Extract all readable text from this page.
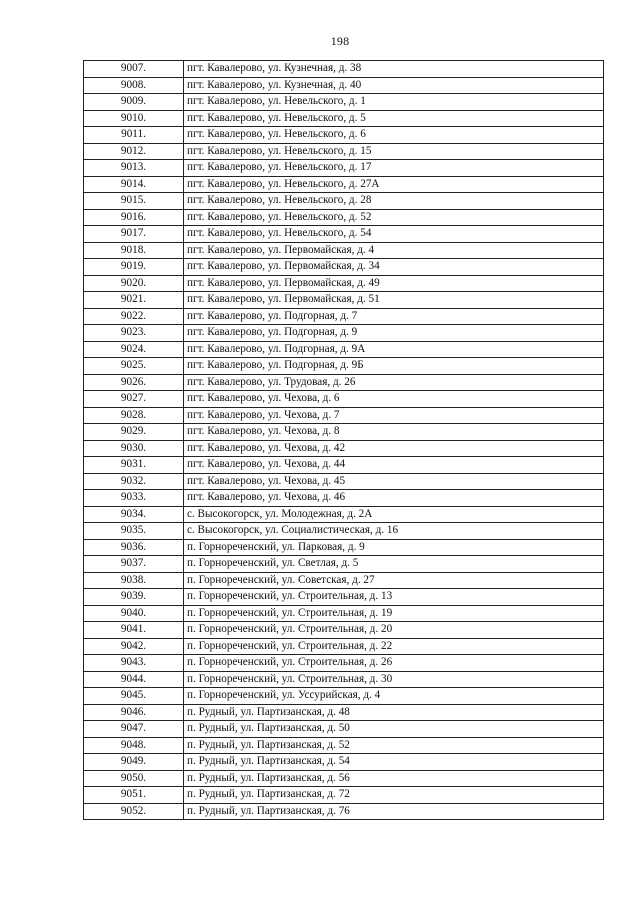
198
9007.	пгт. Кавалерово, ул. Кузнечная, д. 38
9008.	пгт. Кавалерово, ул. Кузнечная, д. 40
9009.	пгт. Кавалерово, ул. Невельского, д. 1
9010.	пгт. Кавалерово, ул. Невельского, д. 5
9011.	пгт. Кавалерово, ул. Невельского, д. 6
9012.	пгт. Кавалерово, ул. Невельского, д. 15
9013.	пгт. Кавалерово, ул. Невельского, д. 17
9014.	пгт. Кавалерово, ул. Невельского, д. 27А
9015.	пгт. Кавалерово, ул. Невельского, д. 28
9016.	пгт. Кавалерово, ул. Невельского, д. 52
9017.	пгт. Кавалерово, ул. Невельского, д. 54
9018.	пгт. Кавалерово, ул. Первомайская, д. 4
9019.	пгт. Кавалерово, ул. Первомайская, д. 34
9020.	пгт. Кавалерово, ул. Первомайская, д. 49
9021.	пгт. Кавалерово, ул. Первомайская, д. 51
9022.	пгт. Кавалерово, ул. Подгорная, д. 7
9023.	пгт. Кавалерово, ул. Подгорная, д. 9
9024.	пгт. Кавалерово, ул. Подгорная, д. 9А
9025.	пгт. Кавалерово, ул. Подгорная, д. 9Б
9026.	пгт. Кавалерово, ул. Трудовая, д. 26
9027.	пгт. Кавалерово, ул. Чехова, д. 6
9028.	пгт. Кавалерово, ул. Чехова, д. 7
9029.	пгт. Кавалерово, ул. Чехова, д. 8
9030.	пгт. Кавалерово, ул. Чехова, д. 42
9031.	пгт. Кавалерово, ул. Чехова, д. 44
9032.	пгт. Кавалерово, ул. Чехова, д. 45
9033.	пгт. Кавалерово, ул. Чехова, д. 46
9034.	с. Высокогорск, ул. Молодежная, д. 2А
9035.	с. Высокогорск, ул. Социалистическая, д. 16
9036.	п. Горнореченский, ул. Парковая, д. 9
9037.	п. Горнореченский, ул. Светлая, д. 5
9038.	п. Горнореченский, ул. Советская, д. 27
9039.	п. Горнореченский, ул. Строительная, д. 13
9040.	п. Горнореченский, ул. Строительная, д. 19
9041.	п. Горнореченский, ул. Строительная, д. 20
9042.	п. Горнореченский, ул. Строительная, д. 22
9043.	п. Горнореченский, ул. Строительная, д. 26
9044.	п. Горнореченский, ул. Строительная, д. 30
9045.	п. Горнореченский, ул. Уссурийская, д. 4
9046.	п. Рудный, ул. Партизанская, д. 48
9047.	п. Рудный, ул. Партизанская, д. 50
9048.	п. Рудный, ул. Партизанская, д. 52
9049.	п. Рудный, ул. Партизанская, д. 54
9050.	п. Рудный, ул. Партизанская, д. 56
9051.	п. Рудный, ул. Партизанская, д. 72
9052.	п. Рудный, ул. Партизанская, д. 76
